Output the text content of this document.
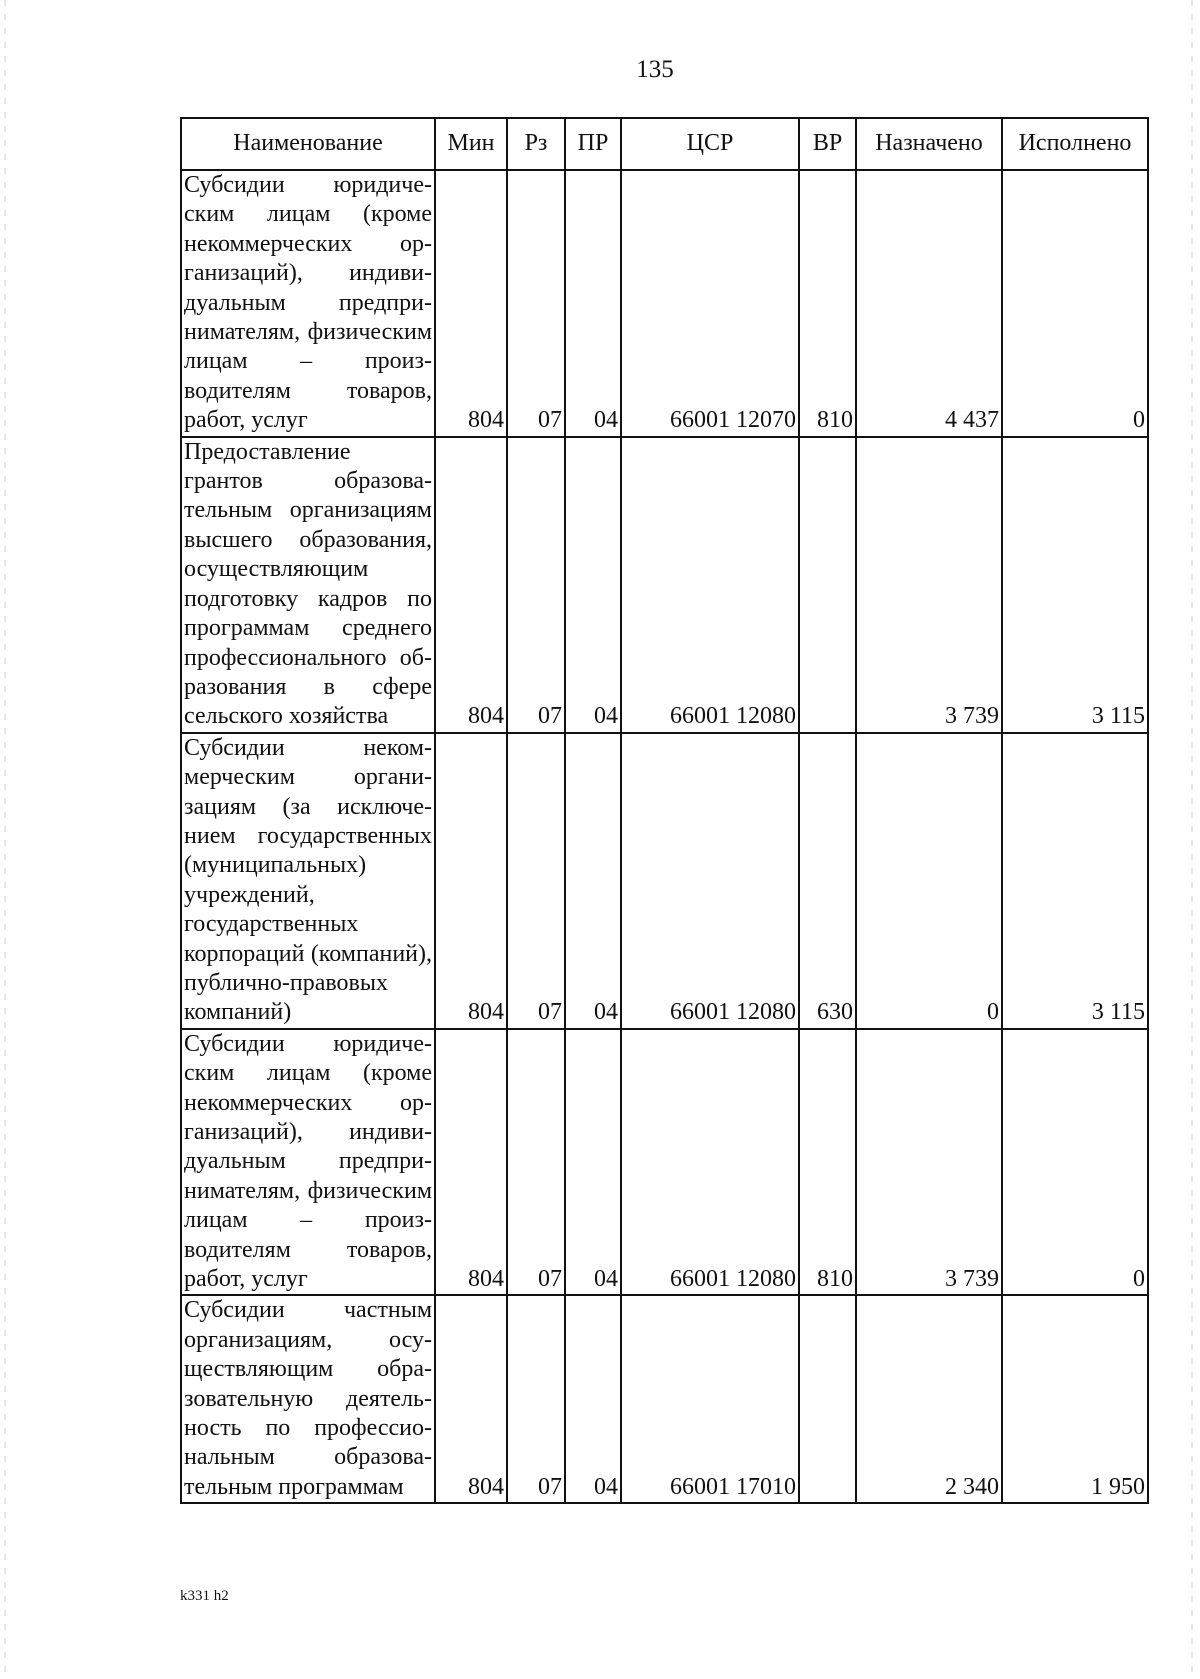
135
Наименование	Мин	Рз	ПР	ЦСР	ВР	Назначено	Исполнено
Субсидии юридическим лицам (кроме некоммерческих организаций), индивидуальным предпринимателям, физическим лицам – производителям товаров, работ, услуг	804	07	04	66001 12070	810	4 437	0
Предоставление грантов образовательным организациям высшего образования, осуществляющим подготовку кадров по программам среднего профессионального образования в сфере сельского хозяйства	804	07	04	66001 12080		3 739	3 115
Субсидии некоммерческим организациям (за исключением государственных (муниципальных) учреждений, государственных корпораций (компаний), публично-правовых компаний)	804	07	04	66001 12080	630	0	3 115
Субсидии юридическим лицам (кроме некоммерческих организаций), индивидуальным предпринимателям, физическим лицам – производителям товаров, работ, услуг	804	07	04	66001 12080	810	3 739	0
Субсидии частным организациям, осуществляющим образовательную деятельность по профессиональным образовательным программам	804	07	04	66001 17010		2 340	1 950
k331 h2
